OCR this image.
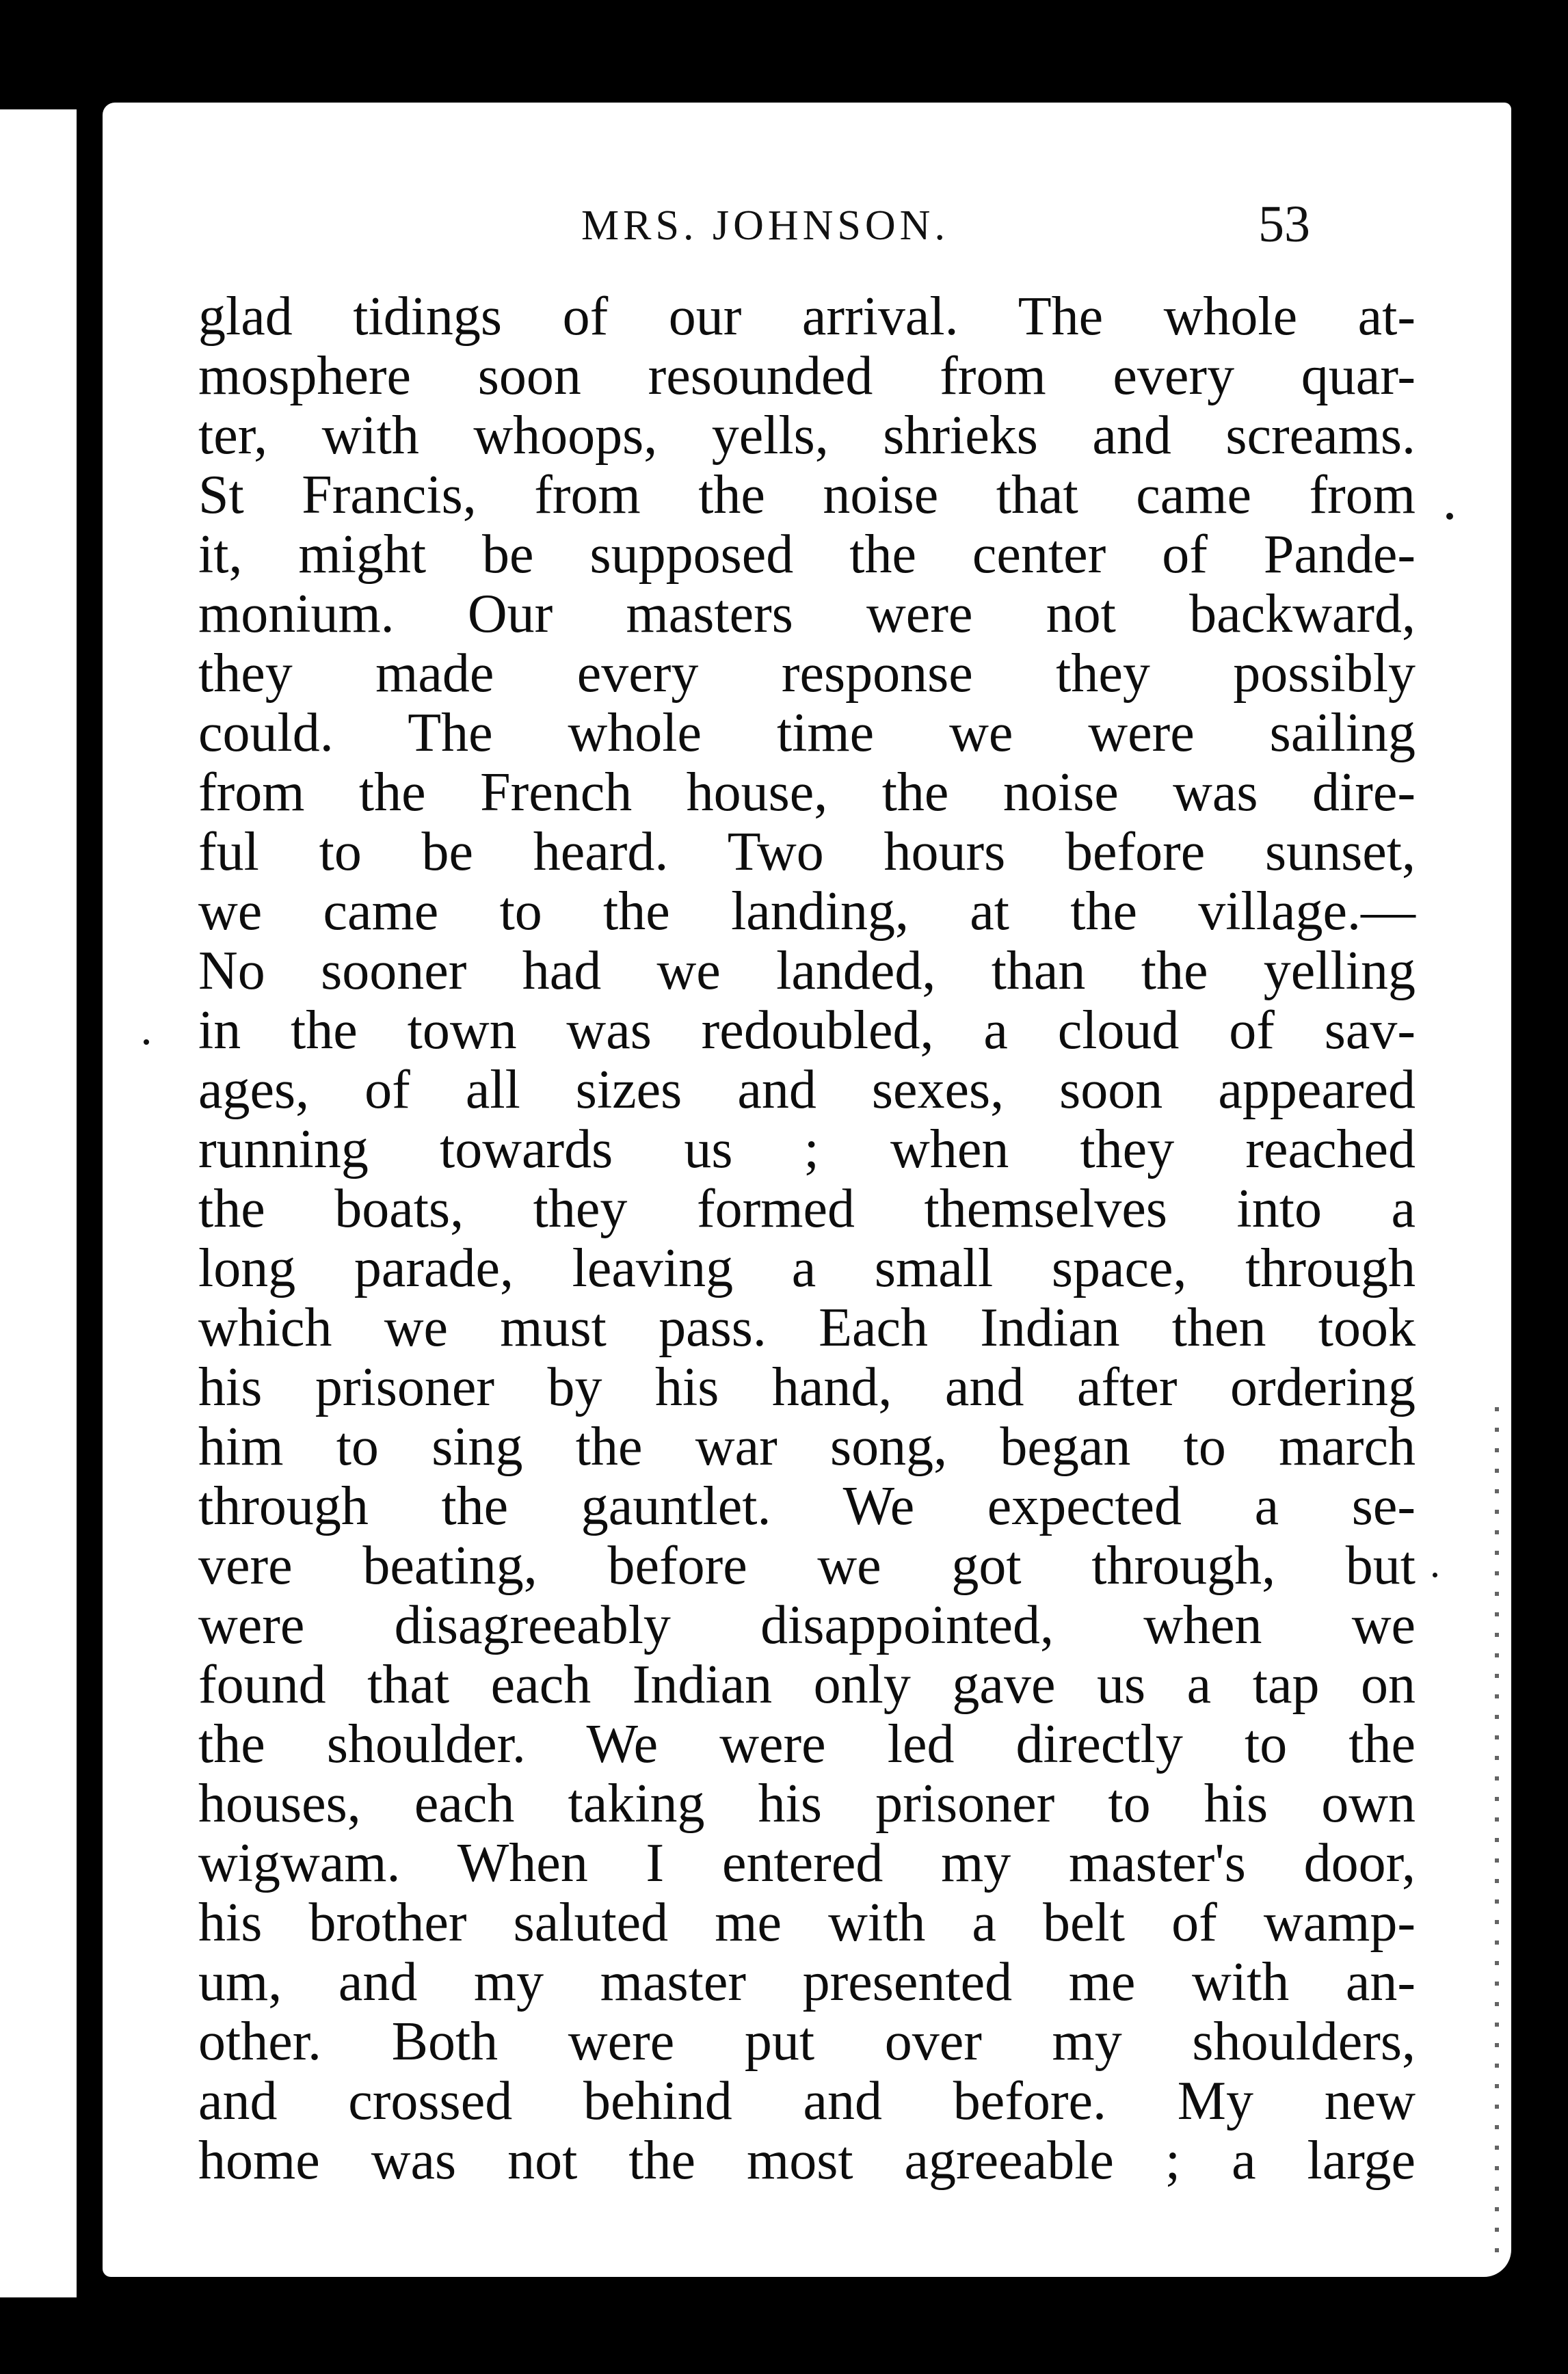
MRS. JOHNSON.	53
glad tidings of our arrival. The whole at-
mosphere soon resounded from every quar-
ter, with whoops, yells, shrieks and screams.
St Francis, from the noise that came from
it, might be supposed the center of Pande-
monium. Our masters were not backward,
they made every response they possibly
could. The whole time we were sailing
from the French house, the noise was dire-
ful to be heard. Two hours before sunset,
we came to the landing, at the village.—
No sooner had we landed, than the yelling
in the town was redoubled, a cloud of sav-
ages, of all sizes and sexes, soon appeared
running towards us ; when they reached
the boats, they formed themselves into a
long parade, leaving a small space, through
which we must pass. Each Indian then took
his prisoner by his hand, and after ordering
him to sing the war song, began to march
through the gauntlet. We expected a se-
vere beating, before we got through, but
were disagreeably disappointed, when we
found that each Indian only gave us a tap on
the shoulder. We were led directly to the
houses, each taking his prisoner to his own
wigwam. When I entered my master's door,
his brother saluted me with a belt of wamp-
um, and my master presented me with an-
other. Both were put over my shoulders,
and crossed behind and before. My new
home was not the most agreeable ; a large
